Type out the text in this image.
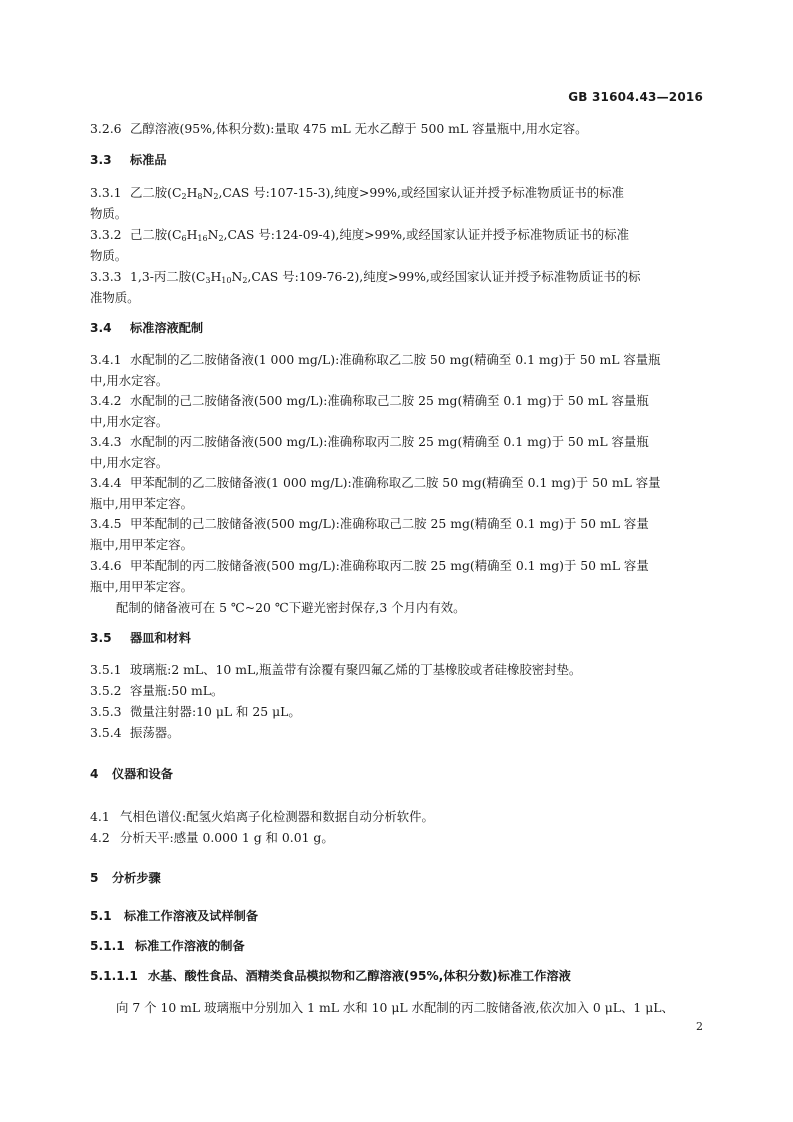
GB 31604.43—2016
3.2.6 乙醇溶液(95%,体积分数):量取 475 mL 无水乙醇于 500 mL 容量瓶中,用水定容。
3.3 标准品
3.3.1 乙二胺($C_2H_8N_2,CAS$ 号:107-15-3),纯度>99%,或经国家认证并授予标准物质证书的标准
物质。
3.3.2 己二胺($C_6H_{16}N_2,CAS$ 号:124-09-4),纯度>99%,或经国家认证并授予标准物质证书的标准
物质。
3.3.3 1,3-丙二胺($C_3H_{10}N_2,CAS$ 号:109-76-2),纯度>99%,或经国家认证并授予标准物质证书的标
准物质。
3.4 标准溶液配制
3.4.1 水配制的乙二胺储备液(1 000 mg/L):准确称取乙二胺 50 mg(精确至 0.1 mg)于 50 mL 容量瓶
中,用水定容。
3.4.2 水配制的己二胺储备液(500 mg/L):准确称取己二胺 25 mg(精确至 0.1 mg)于 50 mL 容量瓶
中,用水定容。
3.4.3 水配制的丙二胺储备液(500 mg/L):准确称取丙二胺 25 mg(精确至 0.1 mg)于 50 mL 容量瓶
中,用水定容。
3.4.4 甲苯配制的乙二胺储备液(1 000 mg/L):准确称取乙二胺 50 mg(精确至 0.1 mg)于 50 mL 容量
瓶中,用甲苯定容。
3.4.5 甲苯配制的己二胺储备液(500 mg/L):准确称取己二胺 25 mg(精确至 0.1 mg)于 50 mL 容量
瓶中,用甲苯定容。
3.4.6 甲苯配制的丙二胺储备液(500 mg/L):准确称取丙二胺 25 mg(精确至 0.1 mg)于 50 mL 容量
瓶中,用甲苯定容。
配制的储备液可在 5 ℃~20 ℃下避光密封保存,3 个月内有效。
3.5 器皿和材料
3.5.1 玻璃瓶:2 mL、10 mL,瓶盖带有涂覆有聚四氟乙烯的丁基橡胶或者硅橡胶密封垫。
3.5.2 容量瓶:50 mL。
3.5.3 微量注射器:10 μL 和 25 μL。
3.5.4 振荡器。
4 仪器和设备
4.1 气相色谱仪:配氢火焰离子化检测器和数据自动分析软件。
4.2 分析天平:感量 0.000 1 g 和 0.01 g。
5 分析步骤
5.1 标准工作溶液及试样制备
5.1.1 标准工作溶液的制备
5.1.1.1 水基、酸性食品、酒精类食品模拟物和乙醇溶液(95%,体积分数)标准工作溶液
向 7 个 10 mL 玻璃瓶中分别加入 1 mL 水和 10 μL 水配制的丙二胺储备液,依次加入 0 μL、1 μL、
2
